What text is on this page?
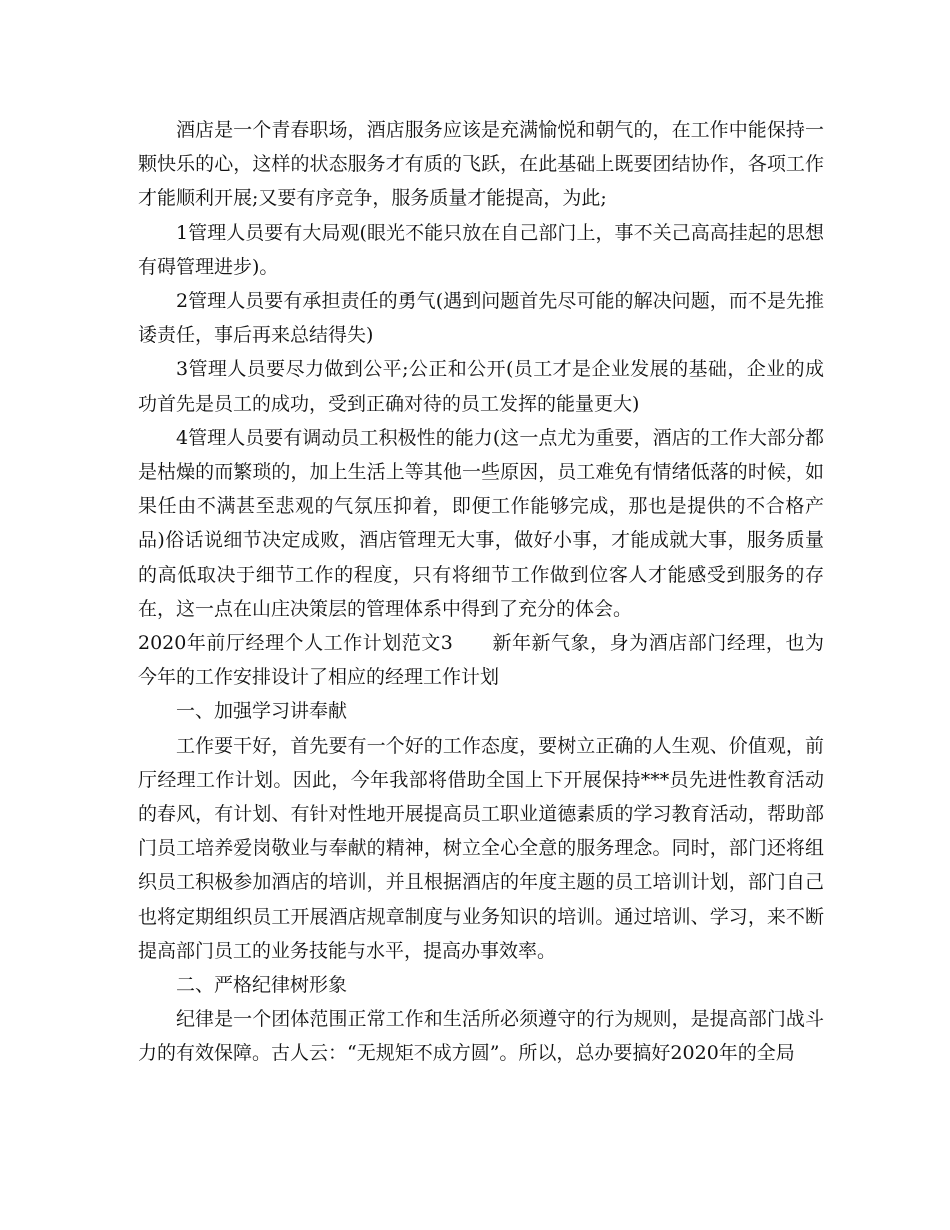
酒店是一个青春职场，酒店服务应该是充满愉悦和朝气的，在工作中能保持一颗快乐的心，这样的状态服务才有质的飞跃，在此基础上既要团结协作，各项工作才能顺利开展;又要有序竞争，服务质量才能提高，为此;

1管理人员要有大局观(眼光不能只放在自己部门上，事不关己高高挂起的思想有碍管理进步)。

2管理人员要有承担责任的勇气(遇到问题首先尽可能的解决问题，而不是先推诿责任，事后再来总结得失)

3管理人员要尽力做到公平;公正和公开(员工才是企业发展的基础，企业的成功首先是员工的成功，受到正确对待的员工发挥的能量更大)

4管理人员要有调动员工积极性的能力(这一点尤为重要，酒店的工作大部分都是枯燥的而繁琐的，加上生活上等其他一些原因，员工难免有情绪低落的时候，如果任由不满甚至悲观的气氛压抑着，即便工作能够完成，那也是提供的不合格产品)俗话说细节决定成败，酒店管理无大事，做好小事，才能成就大事，服务质量的高低取决于细节工作的程度，只有将细节工作做到位客人才能感受到服务的存在，这一点在山庄决策层的管理体系中得到了充分的体会。

2020年前厅经理个人工作计划范文3　　新年新气象，身为酒店部门经理，也为今年的工作安排设计了相应的经理工作计划

一、加强学习讲奉献

工作要干好，首先要有一个好的工作态度，要树立正确的人生观、价值观，前厅经理工作计划。因此，今年我部将借助全国上下开展保持***员先进性教育活动的春风，有计划、有针对性地开展提高员工职业道德素质的学习教育活动，帮助部门员工培养爱岗敬业与奉献的精神，树立全心全意的服务理念。同时，部门还将组织员工积极参加酒店的培训，并且根据酒店的年度主题的员工培训计划，部门自己也将定期组织员工开展酒店规章制度与业务知识的培训。通过培训、学习，来不断提高部门员工的业务技能与水平，提高办事效率。

二、严格纪律树形象

纪律是一个团体范围正常工作和生活所必须遵守的行为规则，是提高部门战斗力的有效保障。古人云：“无规矩不成方圆”。所以，总办要搞好2020年的全局
